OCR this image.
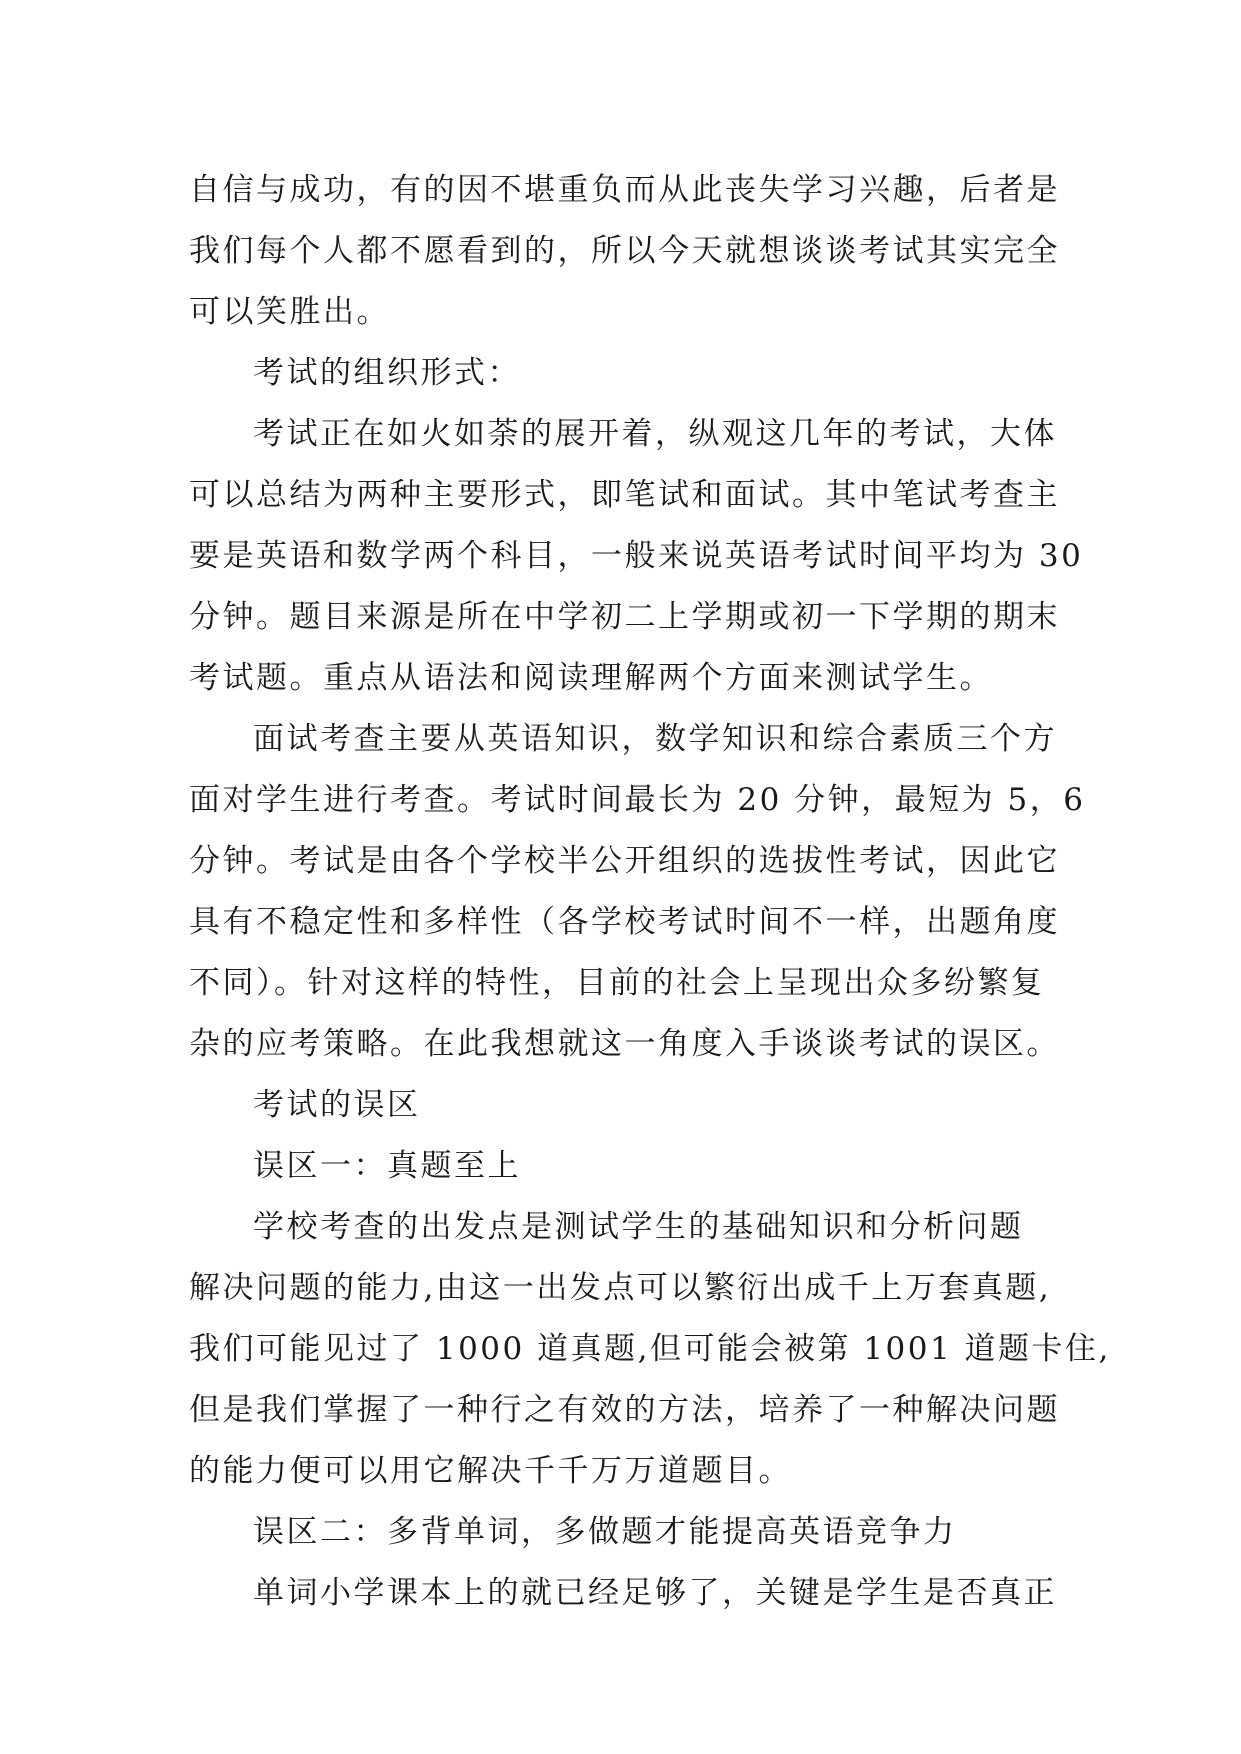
自信与成功，有的因不堪重负而从此丧失学习兴趣，后者是
我们每个人都不愿看到的，所以今天就想谈谈考试其实完全
可以笑胜出。
考试的组织形式：
考试正在如火如荼的展开着，纵观这几年的考试，大体
可以总结为两种主要形式，即笔试和面试。其中笔试考查主
要是英语和数学两个科目，一般来说英语考试时间平均为 30
分钟。题目来源是所在中学初二上学期或初一下学期的期末
考试题。重点从语法和阅读理解两个方面来测试学生。
面试考查主要从英语知识，数学知识和综合素质三个方
面对学生进行考查。考试时间最长为 20 分钟，最短为 5，6
分钟。考试是由各个学校半公开组织的选拔性考试，因此它
具有不稳定性和多样性（各学校考试时间不一样，出题角度
不同）。针对这样的特性，目前的社会上呈现出众多纷繁复
杂的应考策略。在此我想就这一角度入手谈谈考试的误区。
考试的误区
误区一：真题至上
学校考查的出发点是测试学生的基础知识和分析问题
解决问题的能力,由这一出发点可以繁衍出成千上万套真题,
我们可能见过了 1000 道真题,但可能会被第 1001 道题卡住,
但是我们掌握了一种行之有效的方法，培养了一种解决问题
的能力便可以用它解决千千万万道题目。
误区二：多背单词，多做题才能提高英语竞争力
单词小学课本上的就已经足够了，关键是学生是否真正
